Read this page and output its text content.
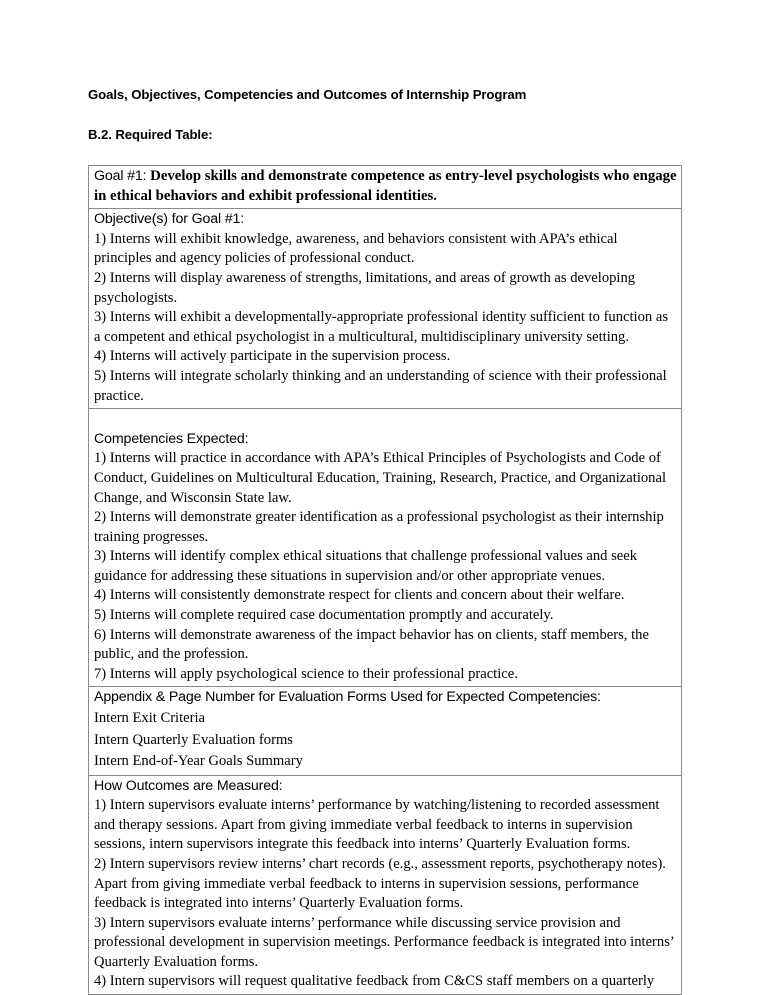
Goals, Objectives, Competencies and Outcomes of Internship Program
B.2. Required Table:
Goal #1: Develop skills and demonstrate competence as entry-level psychologists who engage in ethical behaviors and exhibit professional identities.

Objective(s) for Goal #1:
1) Interns will exhibit knowledge, awareness, and behaviors consistent with APA’s ethical principles and agency policies of professional conduct.
2) Interns will display awareness of strengths, limitations, and areas of growth as developing psychologists.
3) Interns will exhibit a developmentally-appropriate professional identity sufficient to function as a competent and ethical psychologist in a multicultural, multidisciplinary university setting.
4) Interns will actively participate in the supervision process.
5) Interns will integrate scholarly thinking and an understanding of science with their professional practice.

Competencies Expected:
1) Interns will practice in accordance with APA’s Ethical Principles of Psychologists and Code of Conduct, Guidelines on Multicultural Education, Training, Research, Practice, and Organizational Change, and Wisconsin State law.
2) Interns will demonstrate greater identification as a professional psychologist as their internship training progresses.
3) Interns will identify complex ethical situations that challenge professional values and seek guidance for addressing these situations in supervision and/or other appropriate venues.
4) Interns will consistently demonstrate respect for clients and concern about their welfare.
5) Interns will complete required case documentation promptly and accurately.
6) Interns will demonstrate awareness of the impact behavior has on clients, staff members, the public, and the profession.
7) Interns will apply psychological science to their professional practice.

Appendix & Page Number for Evaluation Forms Used for Expected Competencies:
Intern Exit Criteria
Intern Quarterly Evaluation forms
Intern End-of-Year Goals Summary

How Outcomes are Measured:
1) Intern supervisors evaluate interns’ performance by watching/listening to recorded assessment and therapy sessions. Apart from giving immediate verbal feedback to interns in supervision sessions, intern supervisors integrate this feedback into interns’ Quarterly Evaluation forms.
2) Intern supervisors review interns’ chart records (e.g., assessment reports, psychotherapy notes). Apart from giving immediate verbal feedback to interns in supervision sessions, performance feedback is integrated into interns’ Quarterly Evaluation forms.
3) Intern supervisors evaluate interns’ performance while discussing service provision and professional development in supervision meetings. Performance feedback is integrated into interns’ Quarterly Evaluation forms.
4) Intern supervisors will request qualitative feedback from C&CS staff members on a quarterly
